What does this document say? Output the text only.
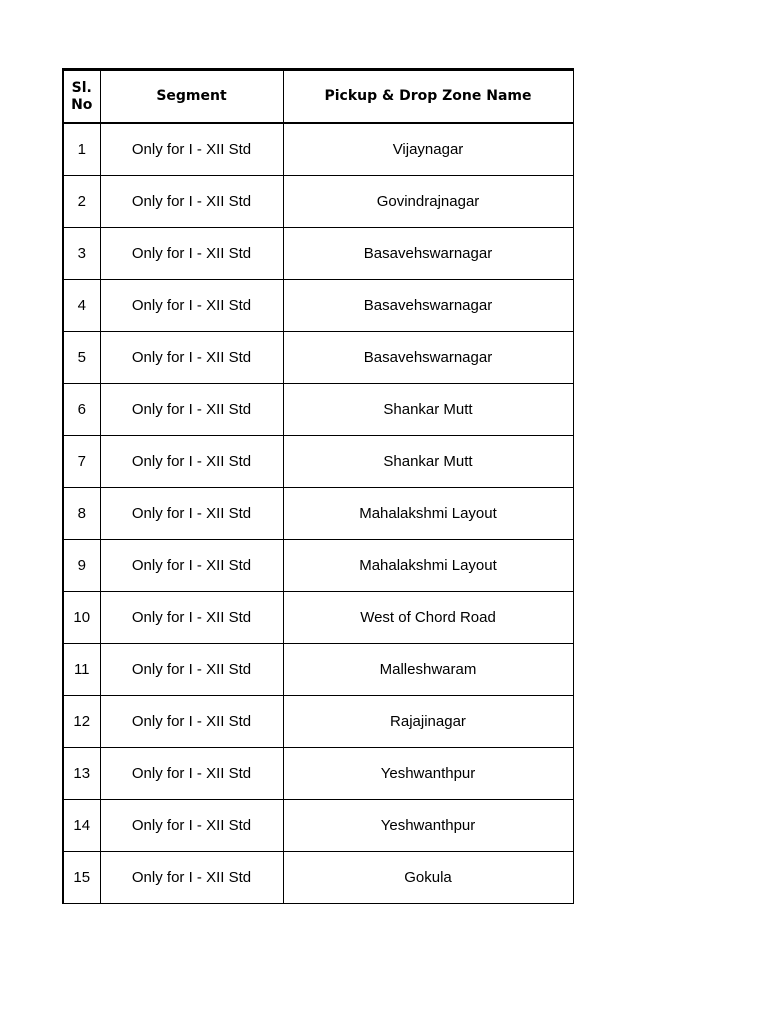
Sl. No	Segment	Pickup & Drop Zone Name
1	Only for I - XII Std	Vijaynagar
2	Only for I - XII Std	Govindrajnagar
3	Only for I - XII Std	Basavehswarnagar
4	Only for I - XII Std	Basavehswarnagar
5	Only for I - XII Std	Basavehswarnagar
6	Only for I - XII Std	Shankar Mutt
7	Only for I - XII Std	Shankar Mutt
8	Only for I - XII Std	Mahalakshmi Layout
9	Only for I - XII Std	Mahalakshmi Layout
10	Only for I - XII Std	West of Chord Road
11	Only for I - XII Std	Malleshwaram
12	Only for I - XII Std	Rajajinagar
13	Only for I - XII Std	Yeshwanthpur
14	Only for I - XII Std	Yeshwanthpur
15	Only for I - XII Std	Gokula
